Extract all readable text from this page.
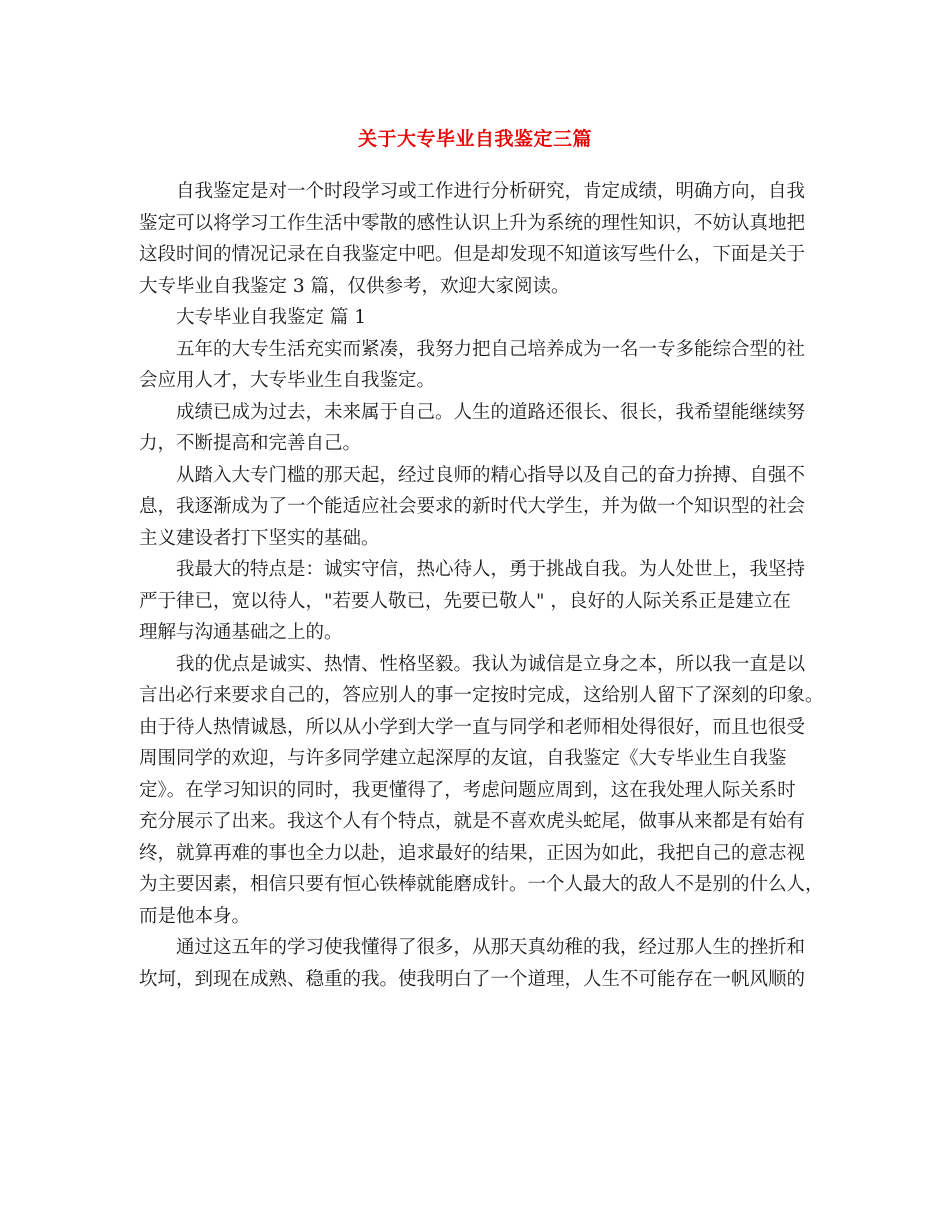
关于大专毕业自我鉴定三篇

自我鉴定是对一个时段学习或工作进行分析研究，肯定成绩，明确方向，自我
鉴定可以将学习工作生活中零散的感性认识上升为系统的理性知识，不妨认真地把
这段时间的情况记录在自我鉴定中吧。但是却发现不知道该写些什么，下面是关于
大专毕业自我鉴定 3 篇，仅供参考，欢迎大家阅读。

大专毕业自我鉴定 篇 1

五年的大专生活充实而紧凑，我努力把自己培养成为一名一专多能综合型的社
会应用人才，大专毕业生自我鉴定。

成绩已成为过去，未来属于自己。人生的道路还很长、很长，我希望能继续努
力，不断提高和完善自己。

从踏入大专门槛的那天起，经过良师的精心指导以及自己的奋力拚搏、自强不
息，我逐渐成为了一个能适应社会要求的新时代大学生，并为做一个知识型的社会
主义建设者打下坚实的基础。

我最大的特点是：诚实守信，热心待人，勇于挑战自我。为人处世上，我坚持
严于律已，宽以待人，"若要人敬已，先要已敬人" ，良好的人际关系正是建立在
理解与沟通基础之上的。

我的优点是诚实、热情、性格坚毅。我认为诚信是立身之本，所以我一直是以
言出必行来要求自己的，答应别人的事一定按时完成，这给别人留下了深刻的印象。
由于待人热情诚恳，所以从小学到大学一直与同学和老师相处得很好，而且也很受
周围同学的欢迎，与许多同学建立起深厚的友谊，自我鉴定《大专毕业生自我鉴
定》。在学习知识的同时，我更懂得了，考虑问题应周到，这在我处理人际关系时
充分展示了出来。我这个人有个特点，就是不喜欢虎头蛇尾，做事从来都是有始有
终，就算再难的事也全力以赴，追求最好的结果，正因为如此，我把自己的意志视
为主要因素，相信只要有恒心铁棒就能磨成针。一个人最大的敌人不是别的什么人，
而是他本身。

通过这五年的学习使我懂得了很多，从那天真幼稚的我，经过那人生的挫折和
坎坷，到现在成熟、稳重的我。使我明白了一个道理，人生不可能存在一帆风顺的
